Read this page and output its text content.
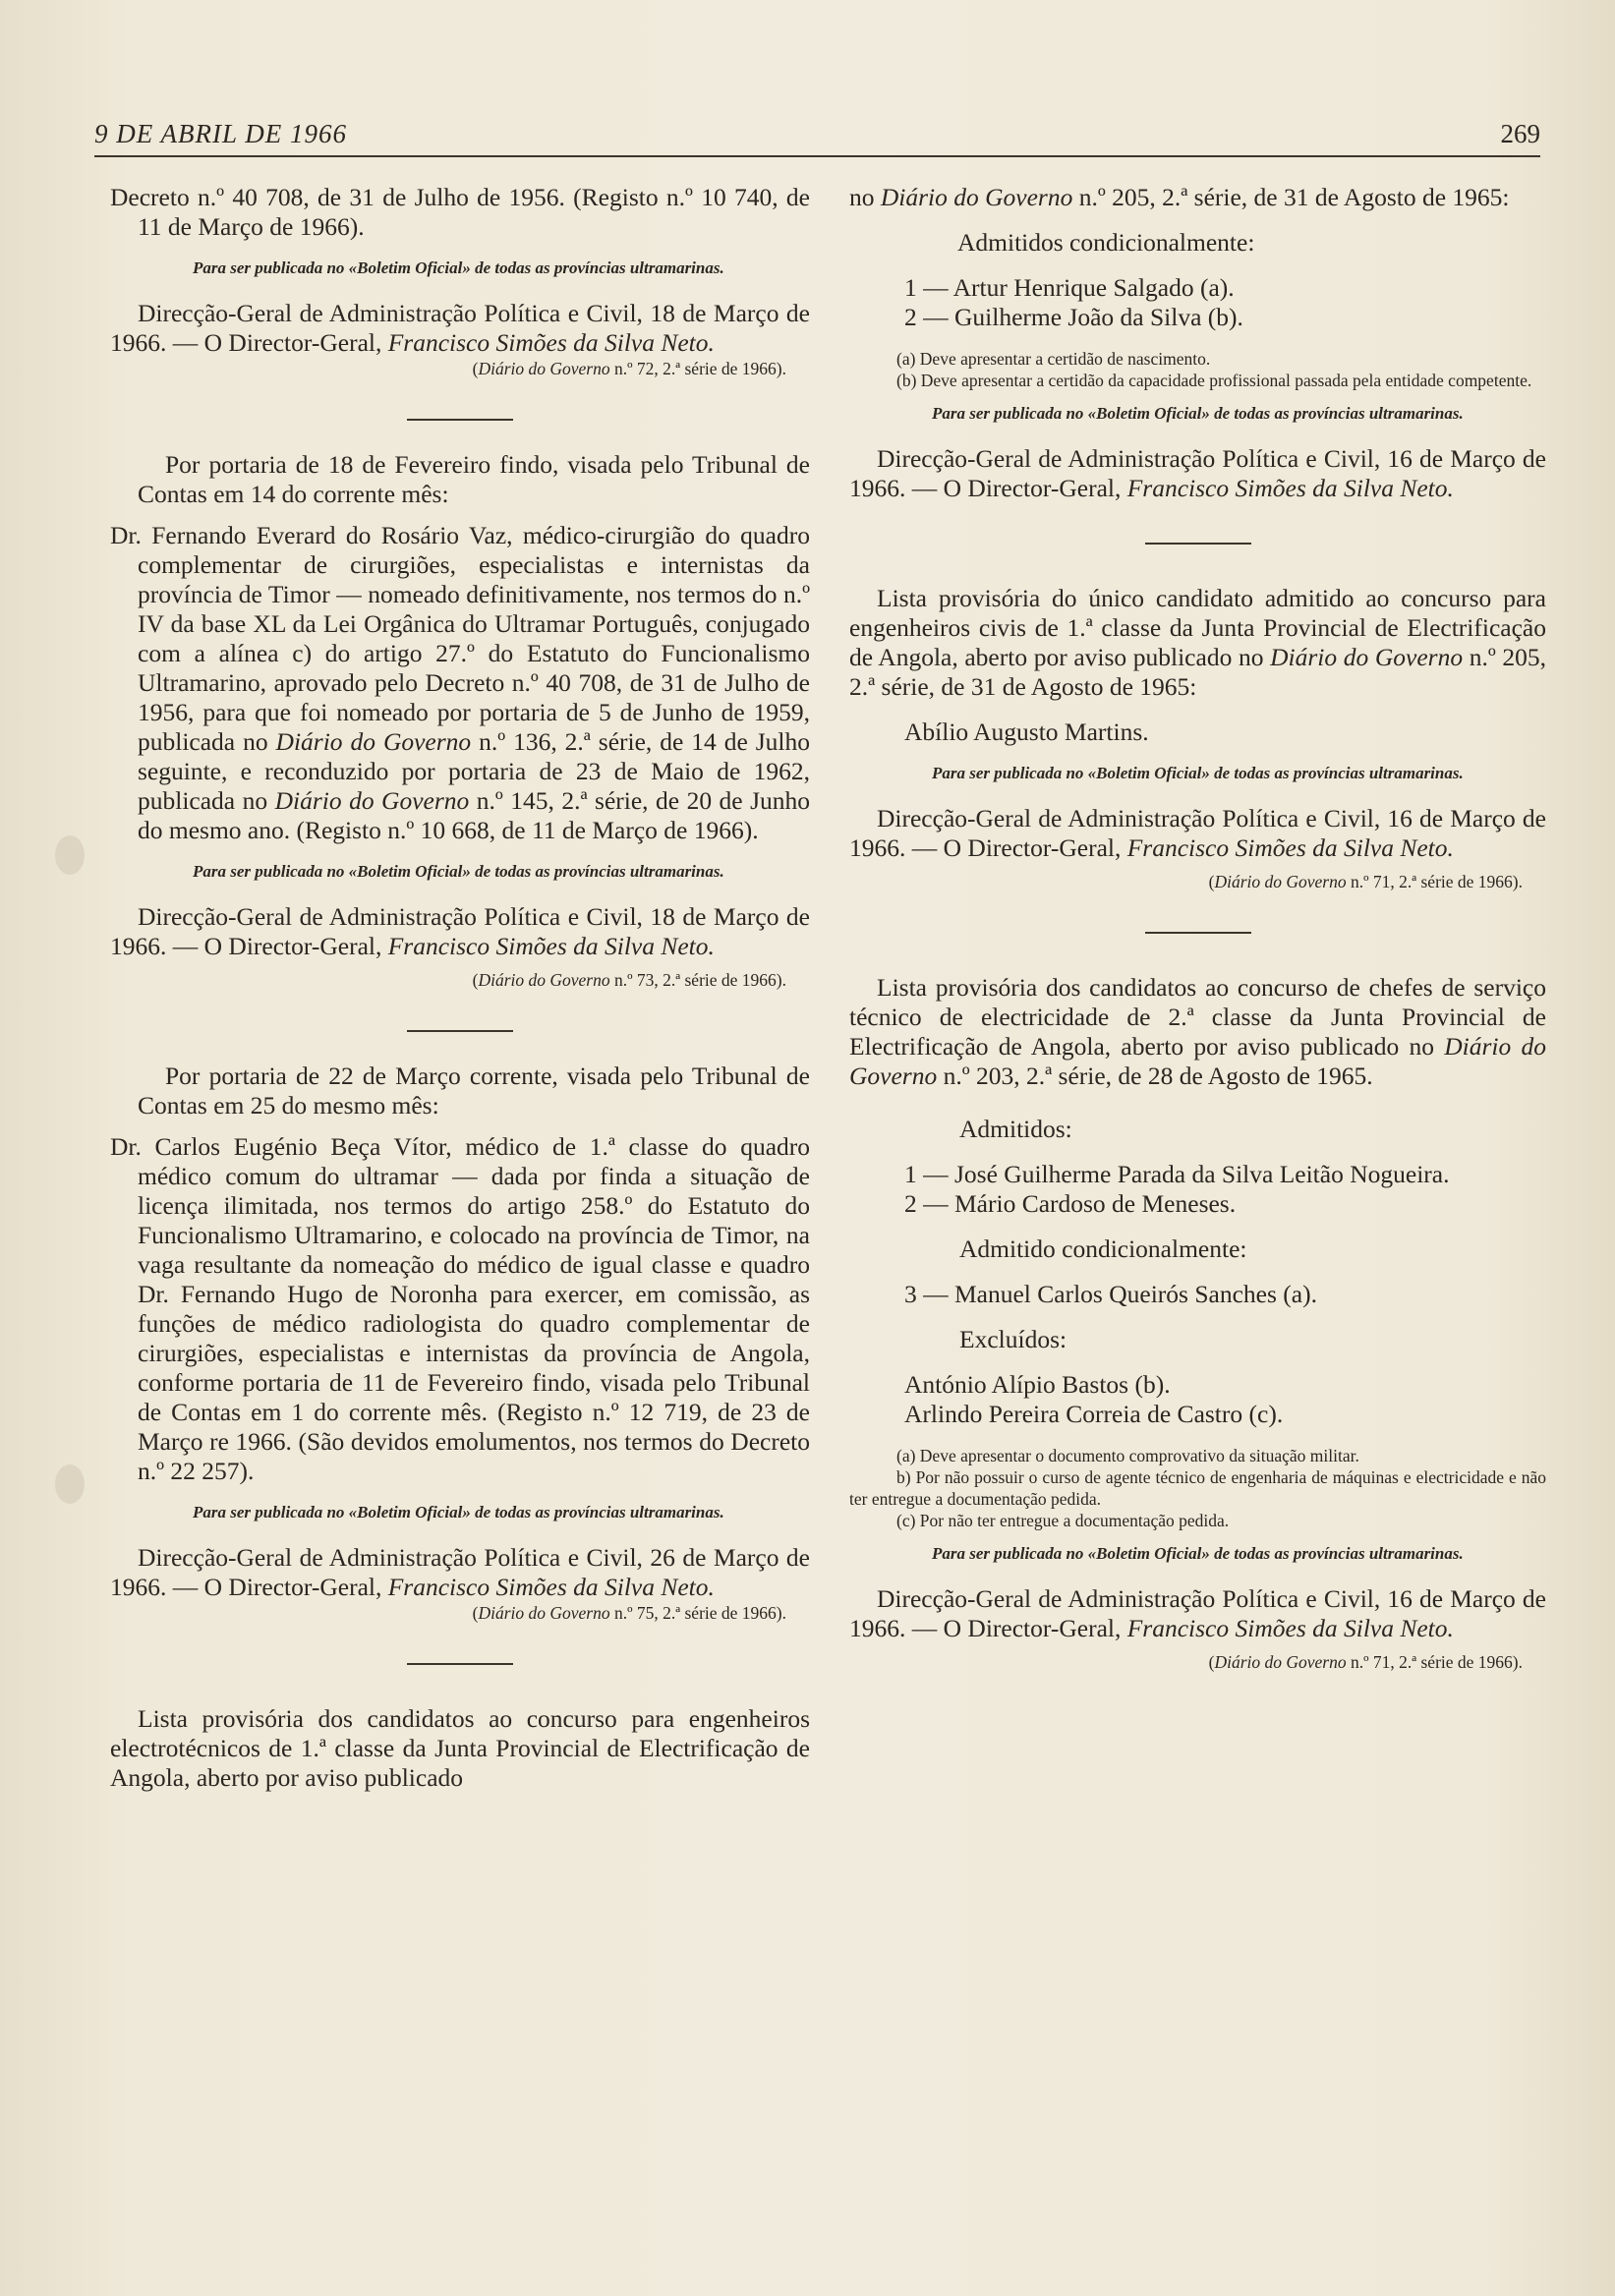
9 DE ABRIL DE 1966	269

Decreto n.º 40 708, de 31 de Julho de 1956. (Registo n.º 10 740, de 11 de Março de 1966).

Para ser publicada no «Boletim Oficial» de todas as províncias ultramarinas.

Direcção-Geral de Administração Política e Civil, 18 de Março de 1966. — O Director-Geral, Francisco Simões da Silva Neto.

(Diário do Governo n.º 72, 2.ª série de 1966).

Por portaria de 18 de Fevereiro findo, visada pelo Tribunal de Contas em 14 do corrente mês:

Dr. Fernando Everard do Rosário Vaz, médico-cirurgião do quadro complementar de cirurgiões, especialistas e internistas da província de Timor — nomeado definitivamente, nos termos do n.º IV da base XL da Lei Orgânica do Ultramar Português, conjugado com a alínea c) do artigo 27.º do Estatuto do Funcionalismo Ultramarino, aprovado pelo Decreto n.º 40 708, de 31 de Julho de 1956, para que foi nomeado por portaria de 5 de Junho de 1959, publicada no Diário do Governo n.º 136, 2.ª série, de 14 de Julho seguinte, e reconduzido por portaria de 23 de Maio de 1962, publicada no Diário do Governo n.º 145, 2.ª série, de 20 de Junho do mesmo ano. (Registo n.º 10 668, de 11 de Março de 1966).

Para ser publicada no «Boletim Oficial» de todas as províncias ultramarinas.

Direcção-Geral de Administração Política e Civil, 18 de Março de 1966. — O Director-Geral, Francisco Simões da Silva Neto.

(Diário do Governo n.º 73, 2.ª série de 1966).

Por portaria de 22 de Março corrente, visada pelo Tribunal de Contas em 25 do mesmo mês:

Dr. Carlos Eugénio Beça Vítor, médico de 1.ª classe do quadro médico comum do ultramar — dada por finda a situação de licença ilimitada, nos termos do artigo 258.º do Estatuto do Funcionalismo Ultramarino, e colocado na província de Timor, na vaga resultante da nomeação do médico de igual classe e quadro Dr. Fernando Hugo de Noronha para exercer, em comissão, as funções de médico radiologista do quadro complementar de cirurgiões, especialistas e internistas da província de Angola, conforme portaria de 11 de Fevereiro findo, visada pelo Tribunal de Contas em 1 do corrente mês. (Registo n.º 12 719, de 23 de Março re 1966. (São devidos emolumentos, nos termos do Decreto n.º 22 257).

Para ser publicada no «Boletim Oficial» de todas as províncias ultramarinas.

Direcção-Geral de Administração Política e Civil, 26 de Março de 1966. — O Director-Geral, Francisco Simões da Silva Neto.

(Diário do Governo n.º 75, 2.ª série de 1966).

Lista provisória dos candidatos ao concurso para engenheiros electrotécnicos de 1.ª classe da Junta Provincial de Electrificação de Angola, aberto por aviso publicado

no Diário do Governo n.º 205, 2.ª série, de 31 de Agosto de 1965:

Admitidos condicionalmente:

1 — Artur Henrique Salgado (a).

2 — Guilherme João da Silva (b).

(a) Deve apresentar a certidão de nascimento.

(b) Deve apresentar a certidão da capacidade profissional passada pela entidade competente.

Para ser publicada no «Boletim Oficial» de todas as províncias ultramarinas.

Direcção-Geral de Administração Política e Civil, 16 de Março de 1966. — O Director-Geral, Francisco Simões da Silva Neto.

Lista provisória do único candidato admitido ao concurso para engenheiros civis de 1.ª classe da Junta Provincial de Electrificação de Angola, aberto por aviso publicado no Diário do Governo n.º 205, 2.ª série, de 31 de Agosto de 1965:

Abílio Augusto Martins.

Para ser publicada no «Boletim Oficial» de todas as províncias ultramarinas.

Direcção-Geral de Administração Política e Civil, 16 de Março de 1966. — O Director-Geral, Francisco Simões da Silva Neto.

(Diário do Governo n.º 71, 2.ª série de 1966).

Lista provisória dos candidatos ao concurso de chefes de serviço técnico de electricidade de 2.ª classe da Junta Provincial de Electrificação de Angola, aberto por aviso publicado no Diário do Governo n.º 203, 2.ª série, de 28 de Agosto de 1965.

Admitidos:

1 — José Guilherme Parada da Silva Leitão Nogueira.

2 — Mário Cardoso de Meneses.

Admitido condicionalmente:

3 — Manuel Carlos Queirós Sanches (a).

Excluídos:

António Alípio Bastos (b).

Arlindo Pereira Correia de Castro (c).

(a) Deve apresentar o documento comprovativo da situação militar.

b) Por não possuir o curso de agente técnico de engenharia de máquinas e electricidade e não ter entregue a documentação pedida.

(c) Por não ter entregue a documentação pedida.

Para ser publicada no «Boletim Oficial» de todas as províncias ultramarinas.

Direcção-Geral de Administração Política e Civil, 16 de Março de 1966. — O Director-Geral, Francisco Simões da Silva Neto.

(Diário do Governo n.º 71, 2.ª série de 1966).
